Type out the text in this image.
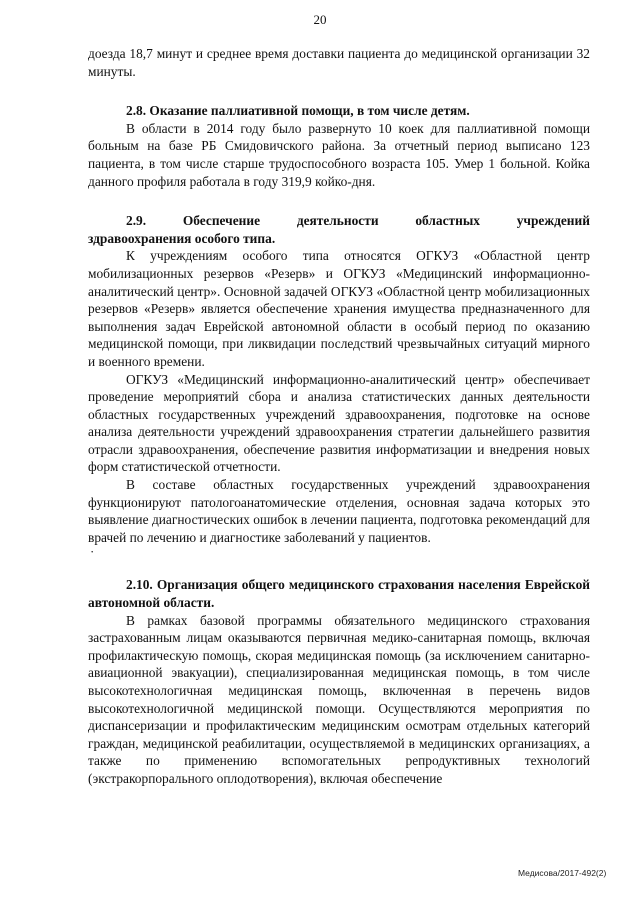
20

доезда 18,7 минут и среднее время доставки пациента до медицинской организации 32 минуты.

2.8. Оказание паллиативной помощи, в том числе детям.

В области в 2014 году было развернуто 10 коек для паллиативной помощи больным на базе РБ Смидовичского района. За отчетный период выписано 123 пациента, в том числе старше трудоспособного возраста 105. Умер 1 больной. Койка данного профиля работала в году 319,9 койко-дня.

2.9.	Обеспечение	деятельности	областных	учреждений
здравоохранения особого типа.

К учреждениям особого типа относятся ОГКУЗ «Областной центр мобилизационных резервов «Резерв» и ОГКУЗ «Медицинский информационно-аналитический центр». Основной задачей ОГКУЗ «Областной центр мобилизационных резервов «Резерв» является обеспечение хранения имущества предназначенного для выполнения задач Еврейской автономной области в особый период по оказанию медицинской помощи, при ликвидации последствий чрезвычайных ситуаций мирного и военного времени.

ОГКУЗ «Медицинский информационно-аналитический центр» обеспечивает проведение мероприятий сбора и анализа статистических данных деятельности областных государственных учреждений здравоохранения, подготовке на основе анализа деятельности учреждений здравоохранения стратегии дальнейшего развития отрасли здравоохранения, обеспечение развития информатизации и внедрения новых форм статистической отчетности.

В составе областных государственных учреждений здравоохранения функционируют патологоанатомические отделения, основная задача которых это выявление диагностических ошибок в лечении пациента, подготовка рекомендаций для врачей по лечению и диагностике заболеваний у пациентов.

·
2.10. Организация общего медицинского страхования населения Еврейской автономной области.

В рамках базовой программы обязательного медицинского страхования застрахованным лицам оказываются первичная медико-санитарная помощь, включая профилактическую помощь, скорая медицинская помощь (за исключением санитарно-авиационной эвакуации), специализированная медицинская помощь, в том числе высокотехнологичная медицинская помощь, включенная в перечень видов высокотехнологичной медицинской помощи. Осуществляются мероприятия по диспансеризации и профилактическим медицинским осмотрам отдельных категорий граждан, медицинской реабилитации, осуществляемой в медицинских организациях, а также по применению вспомогательных репродуктивных технологий (экстракорпорального оплодотворения), включая обеспечение

Медисова/2017-492(2)
